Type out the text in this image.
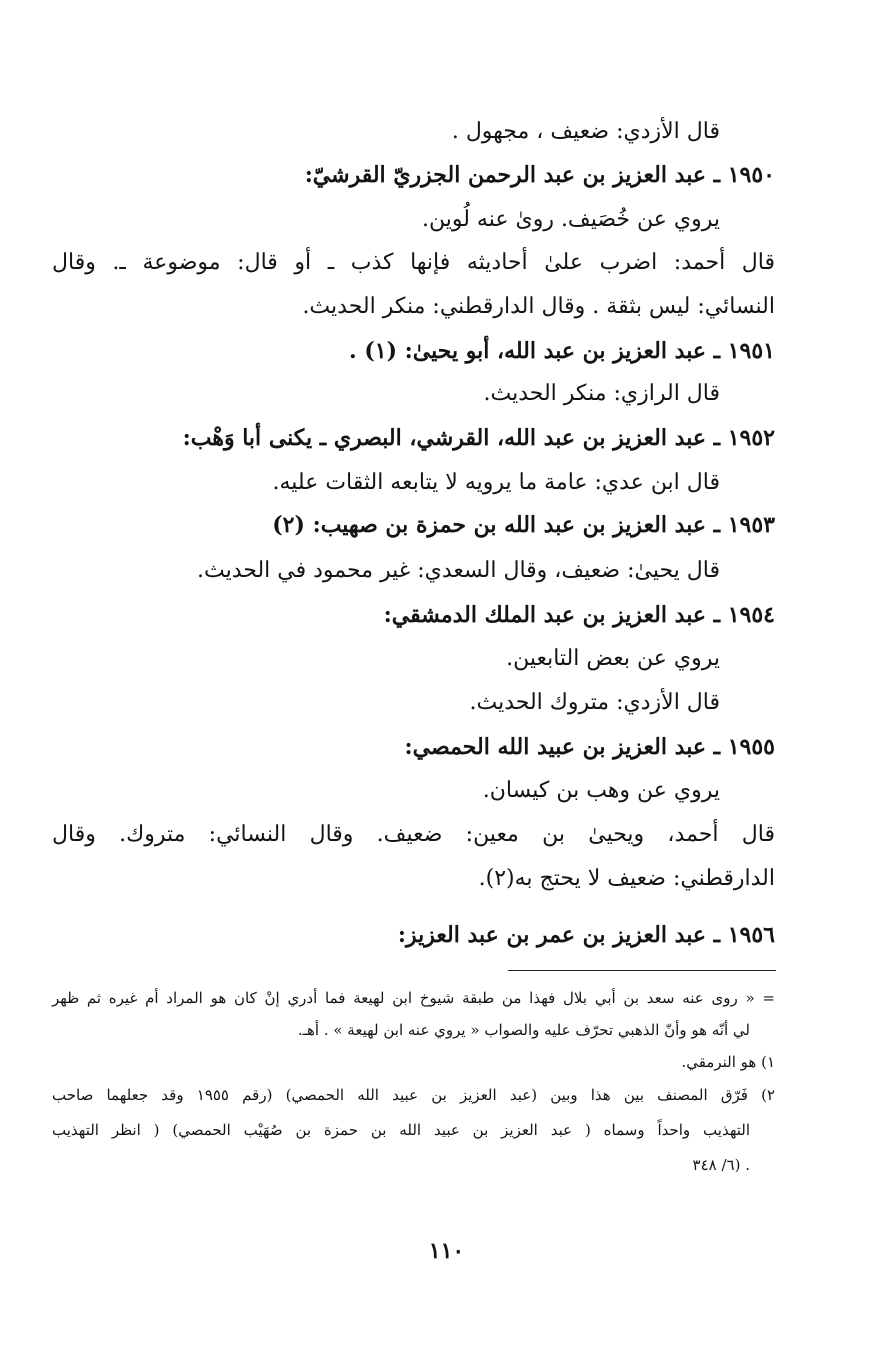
قال الأزدي: ضعيف ، مجهول .
١٩٥٠ ـ عبد العزيز بن عبد الرحمن الجزريّ القرشيّ:
يروي عن خُصَيف. روىٰ عنه لُوين.
قال أحمد: اضرب علىٰ أحاديثه فإنها كذب ـ أو قال: موضوعة ـ. وقال
النسائي: ليس بثقة . وقال الدارقطني: منكر الحديث.
١٩٥١ ـ عبد العزيز بن عبد الله، أبو يحيىٰ: (١) .
قال الرازي: منكر الحديث.
١٩٥٢ ـ عبد العزيز بن عبد الله، القرشي، البصري ـ يكنى أبا وَهْب:
قال ابن عدي: عامة ما يرويه لا يتابعه الثقات عليه.
١٩٥٣ ـ عبد العزيز بن عبد الله بن حمزة بن صهيب: (٢)
قال يحيىٰ: ضعيف، وقال السعدي: غير محمود في الحديث.
١٩٥٤ ـ عبد العزيز بن عبد الملك الدمشقي:
يروي عن بعض التابعين.
قال الأزدي: متروك الحديث.
١٩٥٥ ـ عبد العزيز بن عبيد الله الحمصي:
يروي عن وهب بن كيسان.
قال أحمد، ويحيىٰ بن معين: ضعيف. وقال النسائي: متروك. وقال
الدارقطني: ضعيف لا يحتج به(٢).
١٩٥٦ ـ عبد العزيز بن عمر بن عبد العزيز:
= « روى عنه سعد بن أبي بلال فهذا من طبقة شيوخ ابن لهيعة فما أدري إنْ كان هو المراد أم غيره ثم ظهر
لي أنّه هو وأنّ الذهبي تحرّف عليه والصواب « يروي عنه ابن لهيعة » . أهـ.
١) هو النرمقي.
٢) فَرّق المصنف بين هذا وبين (عبد العزيز بن عبيد الله الحمصي) (رقم ١٩٥٥ وقد جعلهما صاحب
التهذيب واحداً وسماه ( عبد العزيز بن عبيد الله بن حمزة بن صُهَيْب الحمصي) ( انظر التهذيب
٦/ ٣٤٨) .
١١٠
